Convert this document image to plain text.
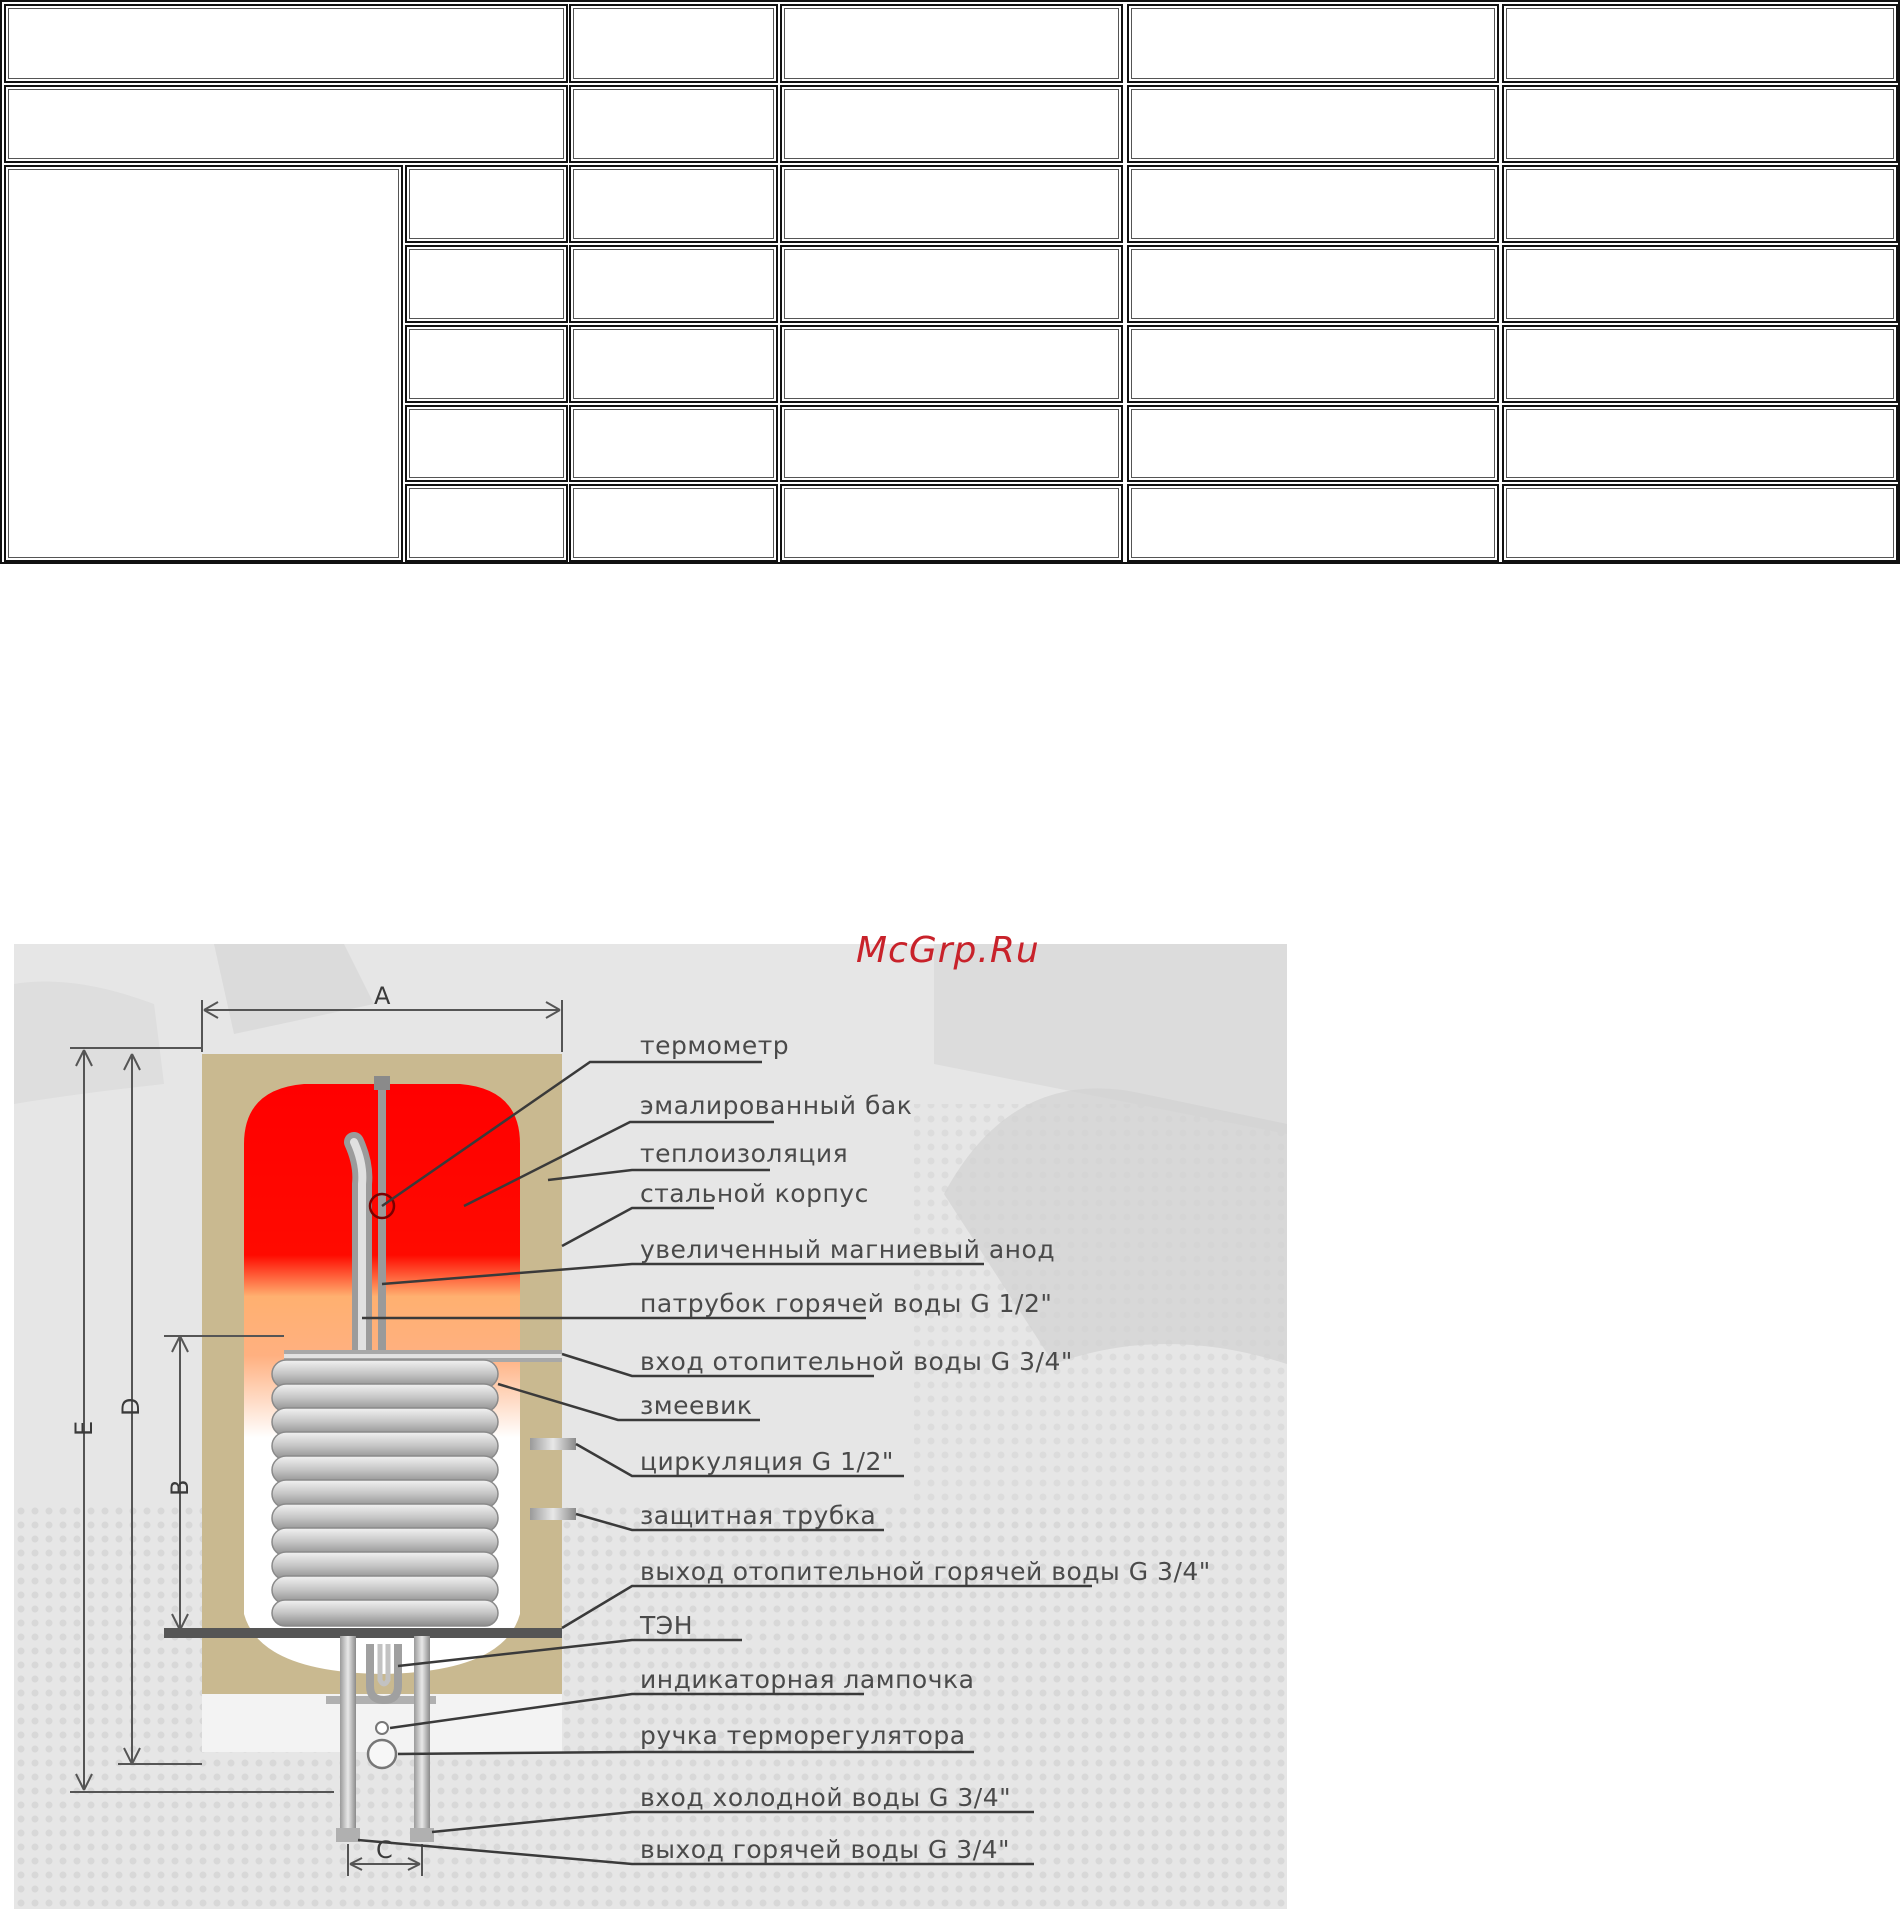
A
E
D
B
C
термометр
эмалированный бак
теплоизоляция
стальной корпус
увеличенный магниевый анод
патрубок горячей воды G 1/2"
вход отопительной воды G 3/4"
змеевик
циркуляция G 1/2"
защитная трубка
выход отопительной горячей воды G 3/4"
ТЭН
индикаторная лампочка
ручка терморегулятора
вход холодной воды G 3/4"
выход горячей воды G 3/4"
McGrp.Ru
